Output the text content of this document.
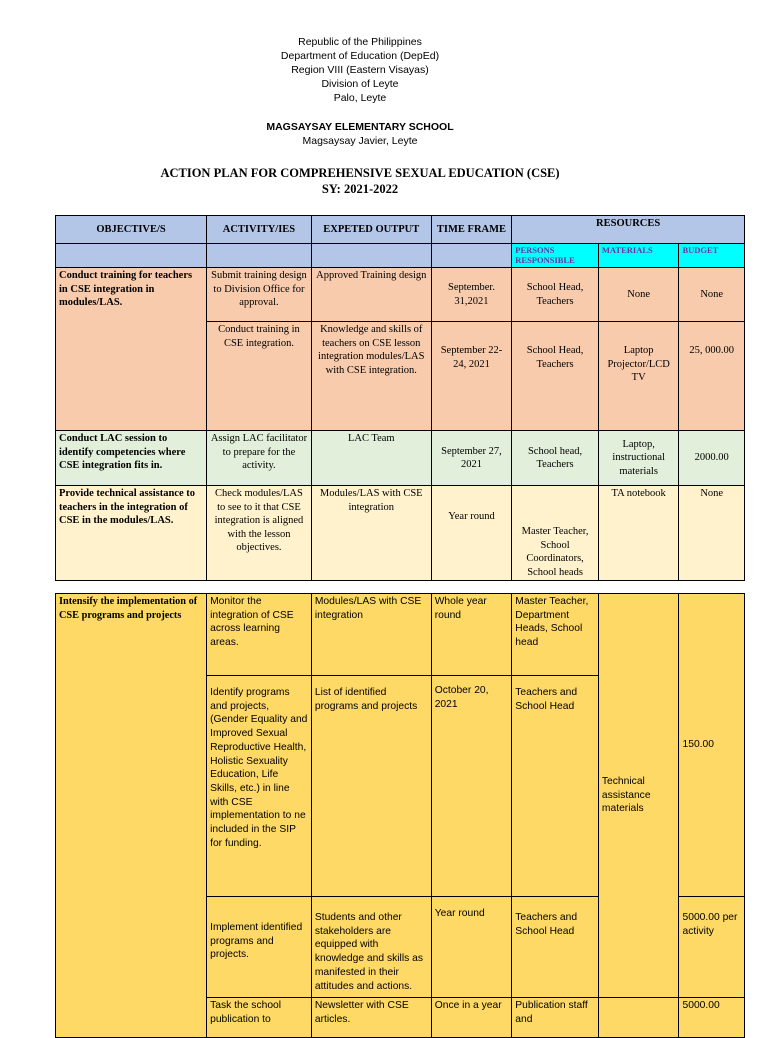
Republic of the Philippines
Department of Education (DepEd)
Region VIII (Eastern Visayas)
Division of Leyte
Palo, Leyte
MAGSAYSAY ELEMENTARY SCHOOL
Magsaysay Javier, Leyte
ACTION PLAN FOR COMPREHENSIVE SEXUAL EDUCATION (CSE)
SY: 2021-2022
OBJECTIVE/S	ACTIVITY/IES	EXPETED OUTPUT	TIME FRAME	RESOURCES		
				PERSONS RESPONSIBLE	MATERIALS	BUDGET
Conduct training for teachers in CSE integration in modules/LAS.	Submit training design to Division Office for approval.	Approved Training design	September. 31,2021	School Head, Teachers	None	None
	Conduct training in CSE integration.	Knowledge and skills of teachers on CSE lesson integration modules/LAS with CSE integration.	September 22-24, 2021	School Head, Teachers	Laptop Projector/LCD TV	25, 000.00
Conduct LAC session to identify competencies where CSE integration fits in.	Assign LAC facilitator to prepare for the activity.	LAC Team	September 27, 2021	School head, Teachers	Laptop, instructional materials	2000.00
Provide technical assistance to teachers in the integration of CSE in the modules/LAS.	Check modules/LAS to see to it that CSE integration is aligned with the lesson objectives.	Modules/LAS with CSE integration	Year round	Master Teacher, School Coordinators, School heads	TA notebook	None
Intensify the implementation of CSE programs and projects	Monitor the integration of CSE across learning areas.	Modules/LAS with CSE integration	Whole year round	Master Teacher, Department Heads, School head	Technical assistance materials	150.00
	Identify programs and projects, (Gender Equality and Improved Sexual Reproductive Health, Holistic Sexuality Education, Life Skills, etc.) in line with CSE implementation to ne included in the SIP for funding.	List of identified programs and projects	October 20, 2021	Teachers and School Head		
	Implement identified programs and projects.	Students and other stakeholders are equipped with knowledge and skills as manifested in their attitudes and actions.	Year round	Teachers and School Head		5000.00 per activity
	Task the school publication to	Newsletter with CSE articles.	Once in a year	Publication staff and		5000.00
